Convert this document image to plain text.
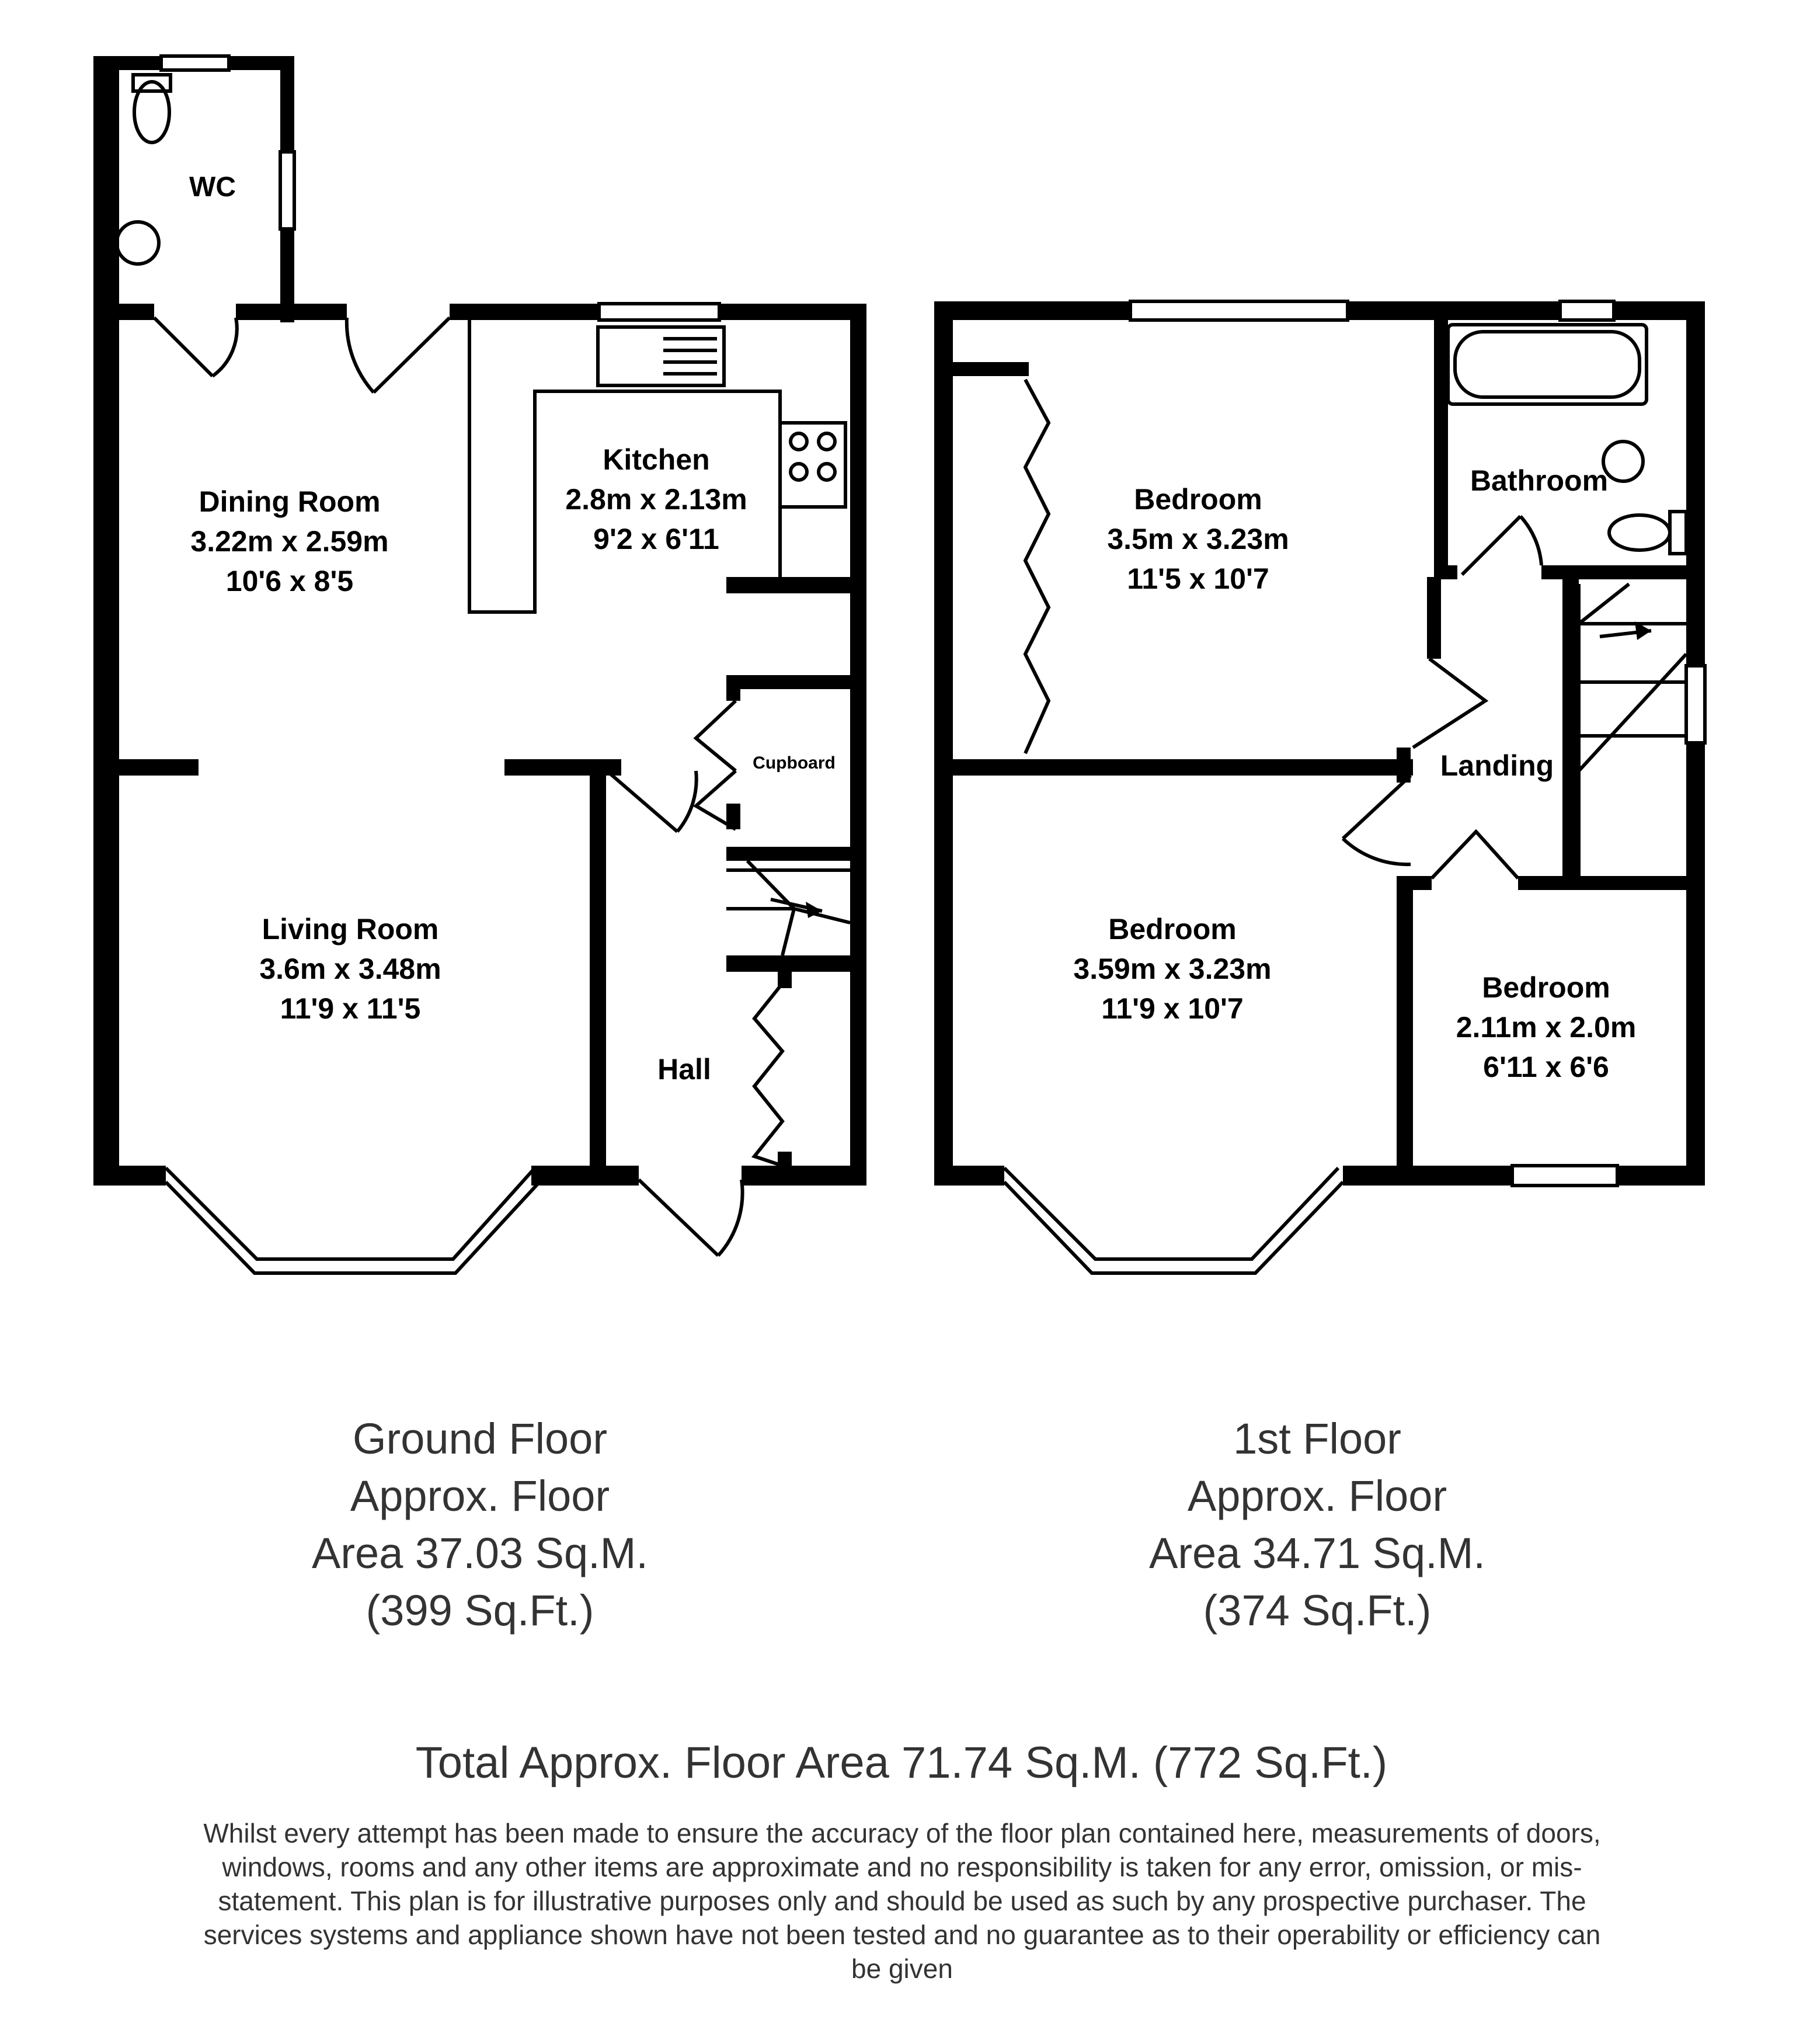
WC
Dining Room
3.22m x 2.59m
10'6 x 8'5
Kitchen
2.8m x 2.13m
9'2 x 6'11
Cupboard
Living Room
3.6m x 3.48m
11'9 x 11'5
Hall
Bedroom
3.5m x 3.23m
11'5 x 10'7
Bathroom
Landing
Bedroom
3.59m x 3.23m
11'9 x 10'7
Bedroom
2.11m x 2.0m
6'11 x 6'6
Ground Floor
Approx. Floor
Area 37.03 Sq.M.
(399 Sq.Ft.)
1st Floor
Approx. Floor
Area 34.71 Sq.M.
(374 Sq.Ft.)
Total Approx. Floor Area 71.74 Sq.M. (772 Sq.Ft.)
Whilst every attempt has been made to ensure the accuracy of the floor plan contained here, measurements of doors, windows, rooms and any other items are approximate and no responsibility is taken for any error, omission, or mis-statement. This plan is for illustrative purposes only and should be used as such by any prospective purchaser. The services systems and appliance shown have not been tested and no guarantee as to their operability or efficiency can be given
